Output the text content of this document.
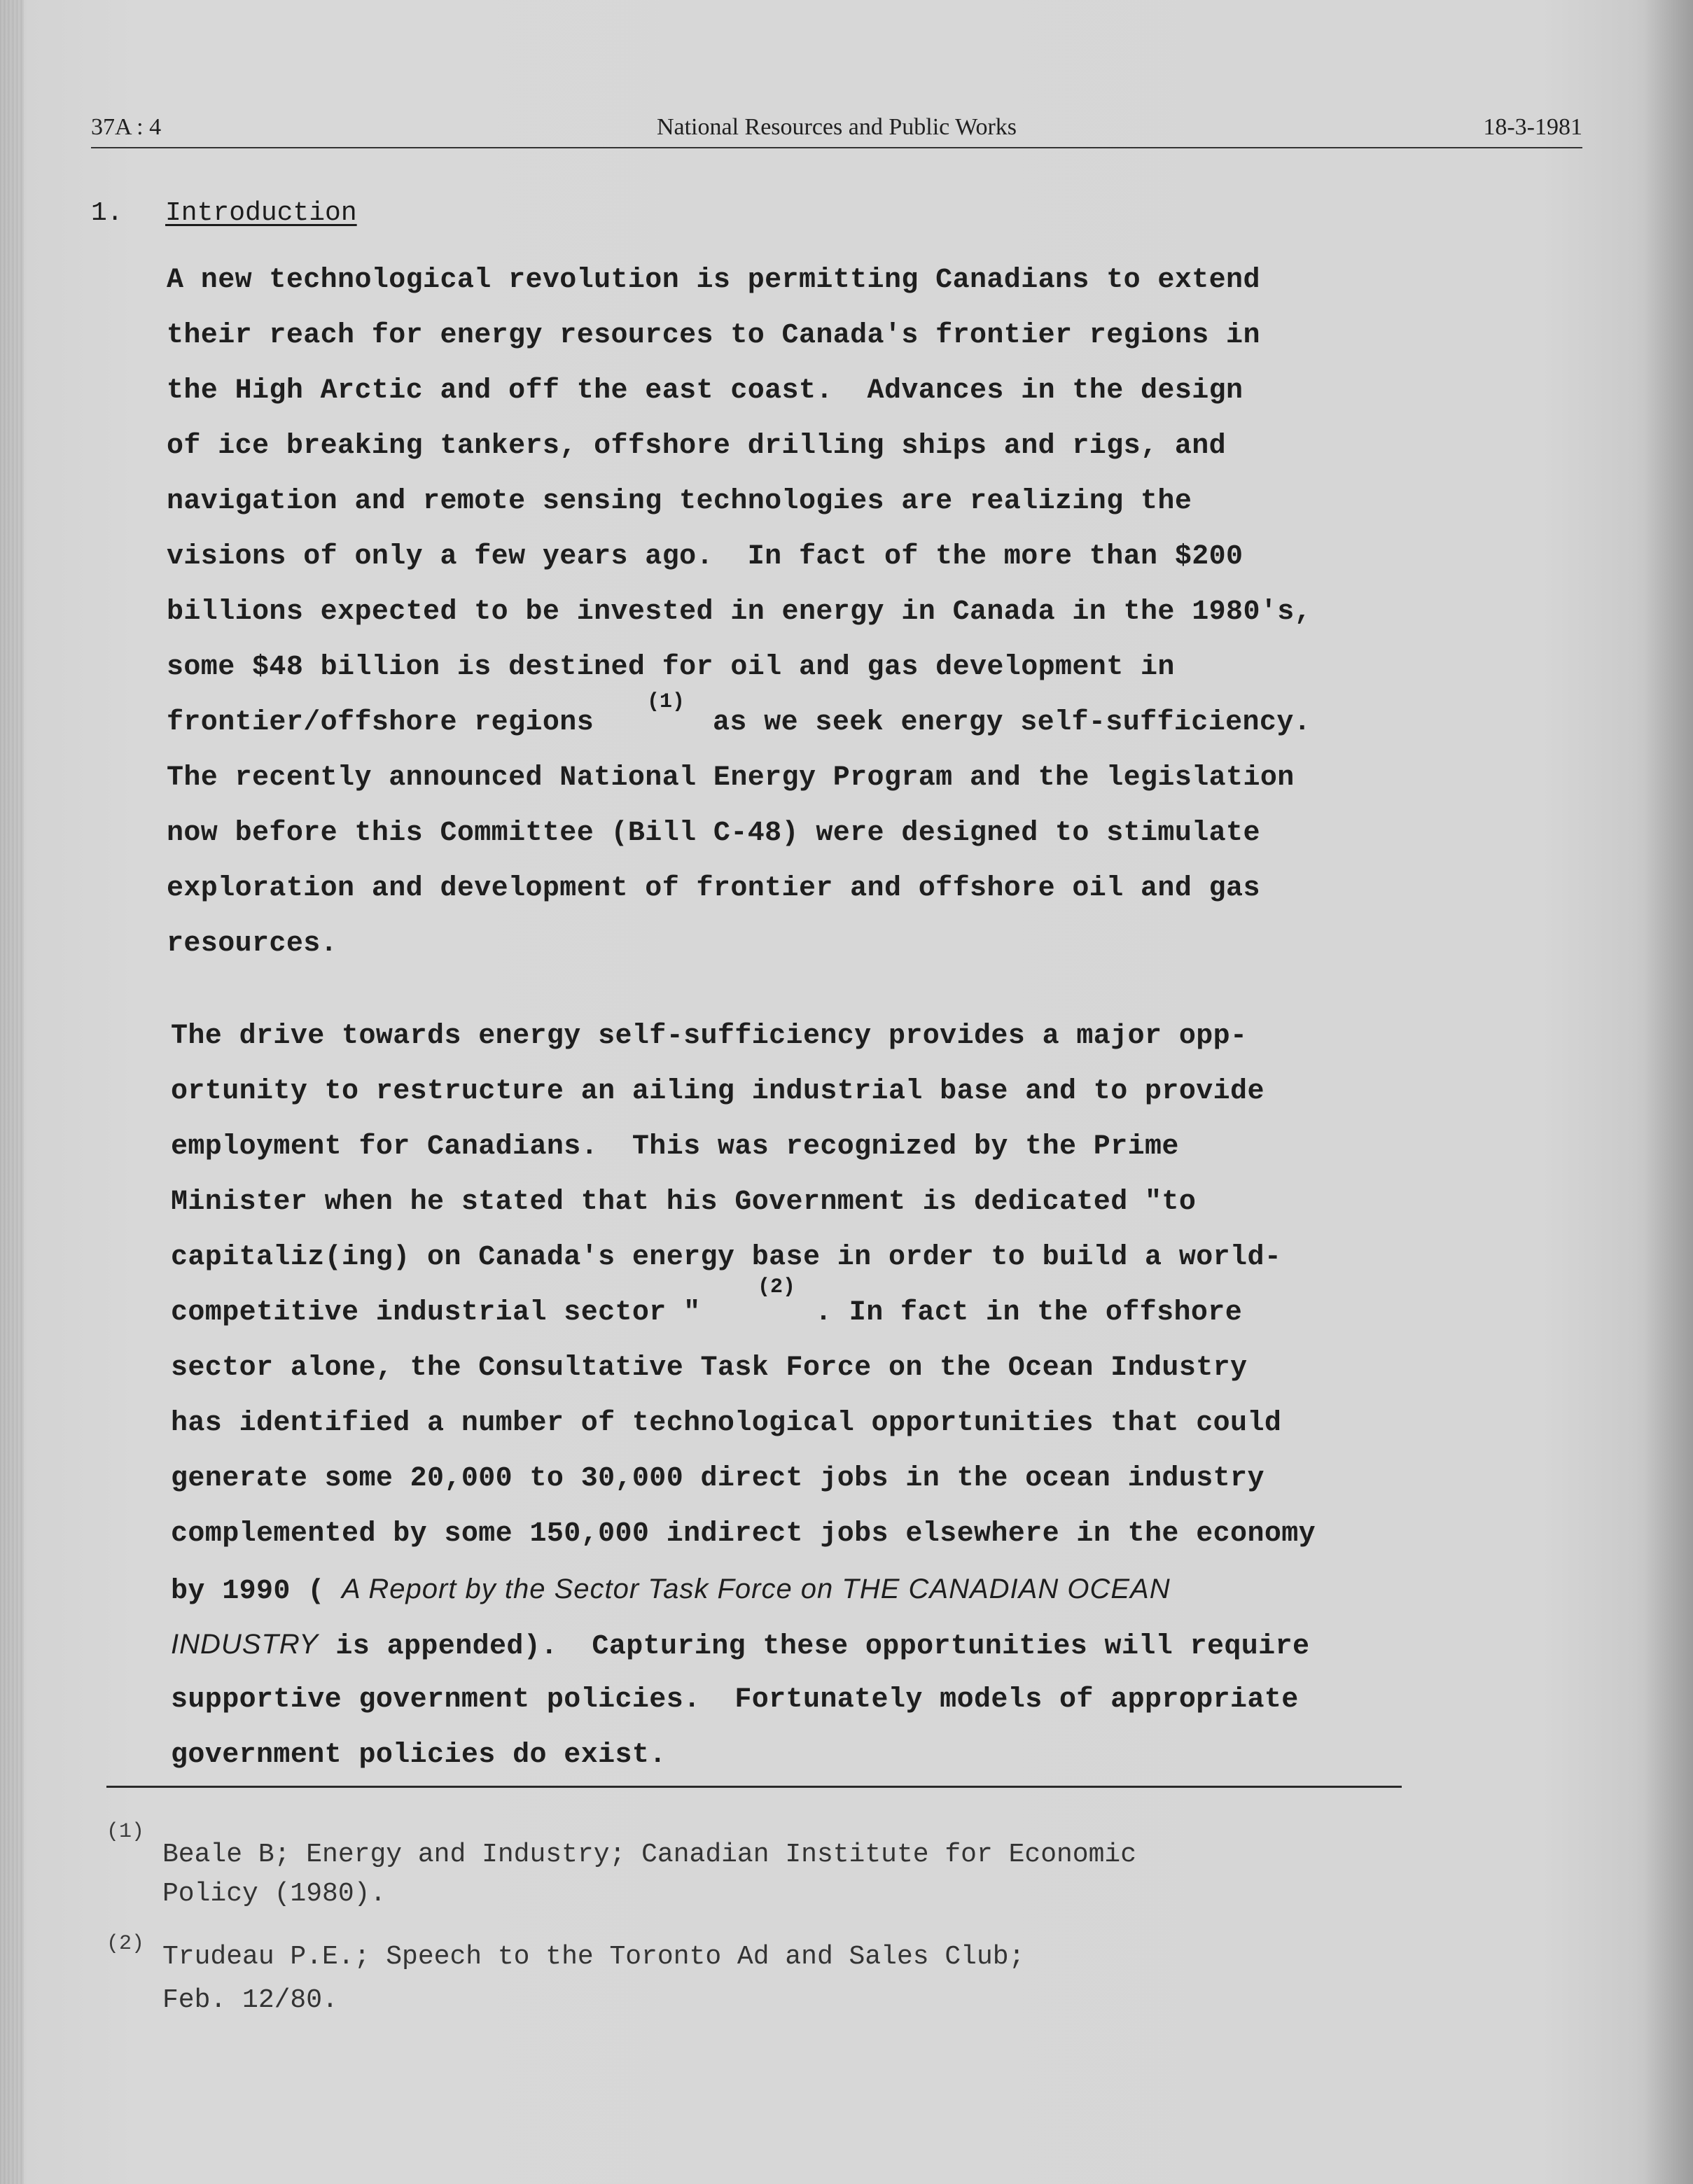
37A : 4	National Resources and Public Works	18-3-1981
1. Introduction
A new technological revolution is permitting Canadians to extend
their reach for energy resources to Canada's frontier regions in
the High Arctic and off the east coast.  Advances in the design
of ice breaking tankers, offshore drilling ships and rigs, and
navigation and remote sensing technologies are realizing the
visions of only a few years ago.  In fact of the more than $200
billions expected to be invested in energy in Canada in the 1980's,
some $48 billion is destined for oil and gas development in
frontier/offshore regions
(1)
as we seek energy self-sufficiency.
The recently announced National Energy Program and the legislation
now before this Committee (Bill C-48) were designed to stimulate
exploration and development of frontier and offshore oil and gas
resources.
The drive towards energy self-sufficiency provides a major opp-
ortunity to restructure an ailing industrial base and to provide
employment for Canadians.  This was recognized by the Prime
Minister when he stated that his Government is dedicated "to
capitaliz(ing) on Canada's energy base in order to build a world-
competitive industrial sector "
(2)
. In fact in the offshore
sector alone, the Consultative Task Force on the Ocean Industry
has identified a number of technological opportunities that could
generate some 20,000 to 30,000 direct jobs in the ocean industry
complemented by some 150,000 indirect jobs elsewhere in the economy
by 1990 ( A Report by the Sector Task Force on THE CANADIAN OCEAN
INDUSTRY is appended).  Capturing these opportunities will require
supportive government policies.  Fortunately models of appropriate
government policies do exist.
(1)
Beale B; Energy and Industry; Canadian Institute for Economic
Policy (1980).
(2) Trudeau P.E.; Speech to the Toronto Ad and Sales Club;
Feb. 12/80.
